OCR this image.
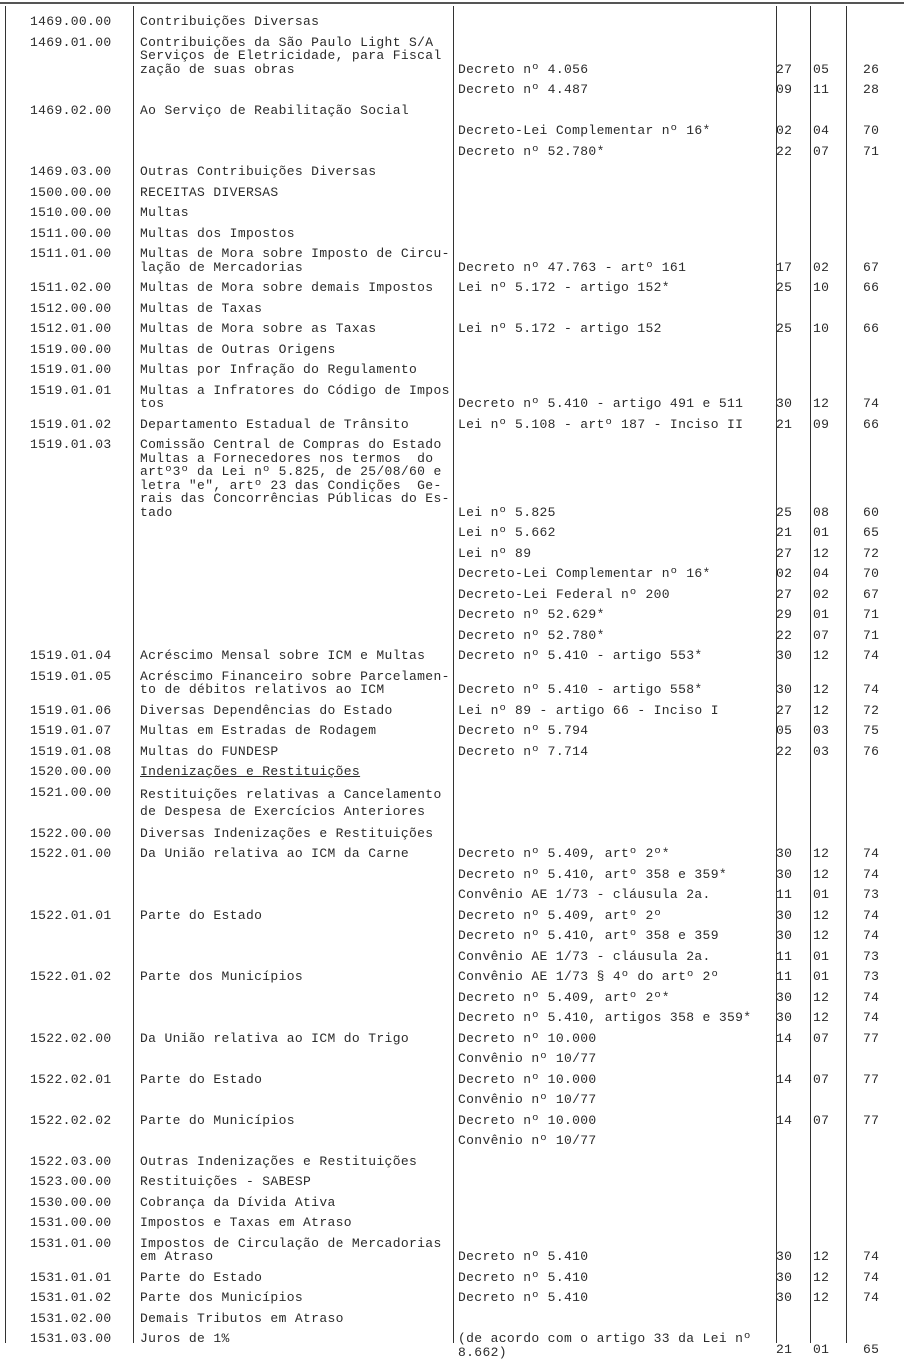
1469.00.00 Contribuições Diversas
1469.01.00 Contribuições da São Paulo Light S/A
Serviços de Eletricidade, para Fiscal
zação de suas obras	Decreto nº 4.056	27 05	26
Decreto nº 4.487	09 11	28
1469.02.00 Ao Serviço de Reabilitação Social
Decreto-Lei Complementar nº 16*	02 04	70
Decreto nº 52.780*	22 07	71
1469.03.00 Outras Contribuições Diversas
1500.00.00 RECEITAS DIVERSAS
1510.00.00 Multas
1511.00.00 Multas dos Impostos
1511.01.00 Multas de Mora sobre Imposto de Circu-
lação de Mercadorias	Decreto nº 47.763 - artº 161	17 02	67
1511.02.00 Multas de Mora sobre demais Impostos	Lei nº 5.172 - artigo 152*	25 10	66
1512.00.00 Multas de Taxas
1512.01.00 Multas de Mora sobre as Taxas	Lei nº 5.172 - artigo 152	25 10	66
1519.00.00 Multas de Outras Origens
1519.01.00 Multas por Infração do Regulamento
1519.01.01 Multas a Infratores do Código de Impos
tos	Decreto nº 5.410 - artigo 491 e 511	30 12	74
1519.01.02 Departamento Estadual de Trânsito	Lei nº 5.108 - artº 187 - Inciso II	21 09	66
1519.01.03 Comissão Central de Compras do Estado
Multas a Fornecedores nos termos  do
artº3º da Lei nº 5.825, de 25/08/60 e
letra "e", artº 23 das Condições  Ge-
rais das Concorrências Públicas do Es-
tado	Lei nº 5.825	25 08	60
Lei nº 5.662	21 01	65
Lei nº 89	27 12	72
Decreto-Lei Complementar nº 16*	02 04	70
Decreto-Lei Federal nº 200	27 02	67
Decreto nº 52.629*	29 01	71
Decreto nº 52.780*	22 07	71
1519.01.04 Acréscimo Mensal sobre ICM e Multas	Decreto nº 5.410 - artigo 553*	30 12	74
1519.01.05 Acréscimo Financeiro sobre Parcelamen-
to de débitos relativos ao ICM	Decreto nº 5.410 - artigo 558*	30 12	74
1519.01.06 Diversas Dependências do Estado	Lei nº 89 - artigo 66 - Inciso I	27 12	72
1519.01.07 Multas em Estradas de Rodagem	Decreto nº 5.794	05 03	75
1519.01.08 Multas do FUNDESP	Decreto nº 7.714	22 03	76
1520.00.00 Indenizações e Restituições
1521.00.00 Restituições relativas a Cancelamento
de Despesa de Exercícios Anteriores
1522.00.00 Diversas Indenizações e Restituições
1522.01.00 Da União relativa ao ICM da Carne	Decreto nº 5.409, artº 2º*	30 12	74
Decreto nº 5.410, artº 358 e 359*	30 12	74
Convênio AE 1/73 - cláusula 2a.	11 01	73
1522.01.01 Parte do Estado	Decreto nº 5.409, artº 2º	30 12	74
Decreto nº 5.410, artº 358 e 359	30 12	74
Convênio AE 1/73 - cláusula 2a.	11 01	73
1522.01.02 Parte dos Municípios	Convênio AE 1/73 § 4º do artº 2º	11 01	73
Decreto nº 5.409, artº 2º*	30 12	74
Decreto nº 5.410, artigos 358 e 359*	30 12	74
1522.02.00 Da União relativa ao ICM do Trigo	Decreto nº 10.000	14 07	77
Convênio nº 10/77
1522.02.01 Parte do Estado	Decreto nº 10.000	14 07	77
Convênio nº 10/77
1522.02.02 Parte do Municípios	Decreto nº 10.000	14 07	77
Convênio nº 10/77
1522.03.00 Outras Indenizações e Restituições
1523.00.00 Restituições - SABESP
1530.00.00 Cobrança da Dívida Ativa
1531.00.00 Impostos e Taxas em Atraso
1531.01.00 Impostos de Circulação de Mercadorias
em Atraso	Decreto nº 5.410	30 12	74
1531.01.01 Parte do Estado	Decreto nº 5.410	30 12	74
1531.01.02 Parte dos Municípios	Decreto nº 5.410	30 12	74
1531.02.00 Demais Tributos em Atraso
1531.03.00 Juros de 1%	(de acordo com o artigo 33 da Lei nº
8.662)	21 01	65
